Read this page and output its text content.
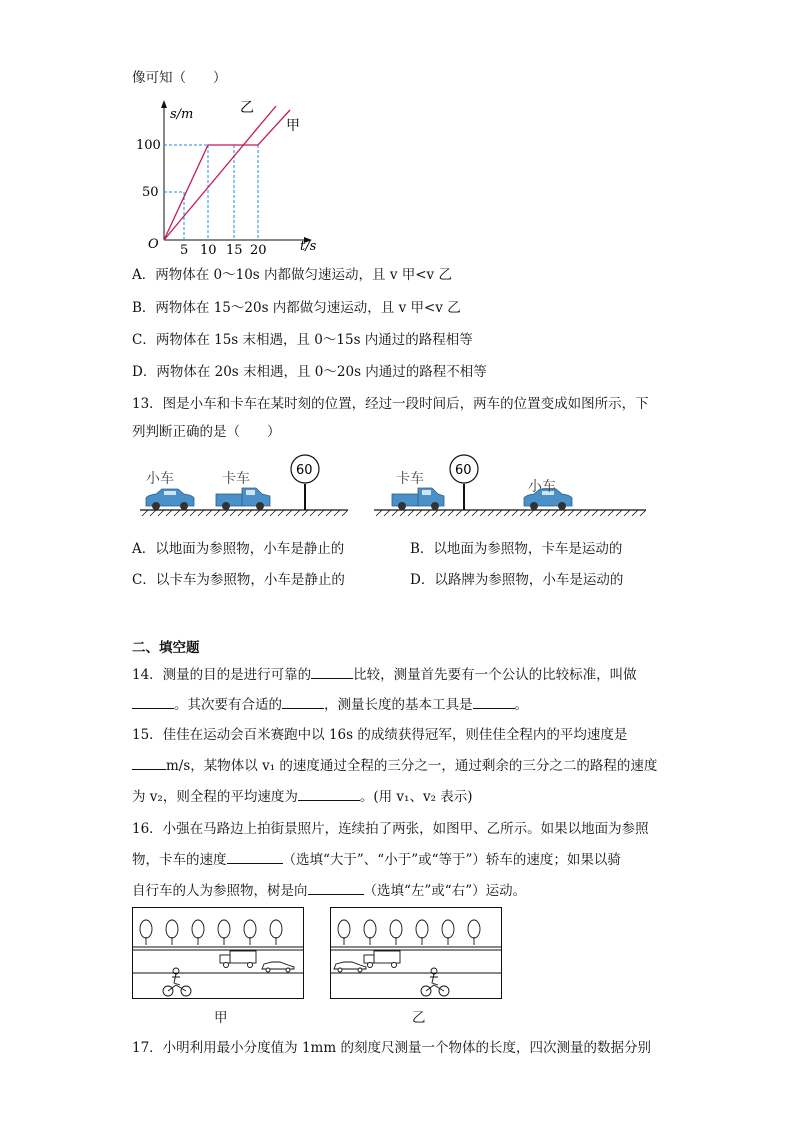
像可知（　　）
s/m
t/s
O
50
100
5 10 15 20
乙
甲
A．两物体在 0～10s 内都做匀速运动，且 v 甲<v 乙
B．两物体在 15～20s 内都做匀速运动，且 v 甲<v 乙
C．两物体在 15s 末相遇，且 0～15s 内通过的路程相等
D．两物体在 20s 末相遇，且 0～20s 内通过的路程不相等
13．图是小车和卡车在某时刻的位置，经过一段时间后，两车的位置变成如图所示，下
列判断正确的是（　　）
小车	卡车
60
卡车
60
小车
A．以地面为参照物，小车是静止的	B．以地面为参照物，卡车是运动的
C．以卡车为参照物，小车是静止的	D．以路牌为参照物，小车是运动的
二、填空题
14．测量的目的是进行可靠的	比较，测量首先要有一个公认的比较标准，叫做
。其次要有合适的	，测量长度的基本工具是	。
15．佳佳在运动会百米赛跑中以 16s 的成绩获得冠军，则佳佳全程内的平均速度是
m/s，某物体以 v₁ 的速度通过全程的三分之一，通过剩余的三分之二的路程的速度
为 v₂，则全程的平均速度为	。(用 v₁、v₂ 表示)
16．小强在马路边上拍街景照片，连续拍了两张，如图甲、乙所示。如果以地面为参照
物，卡车的速度	（选填“大于”、“小于”或“等于”）轿车的速度；如果以骑
自行车的人为参照物，树是向	（选填“左”或“右”）运动。
甲	乙
17．小明利用最小分度值为 1mm 的刻度尺测量一个物体的长度，四次测量的数据分别
